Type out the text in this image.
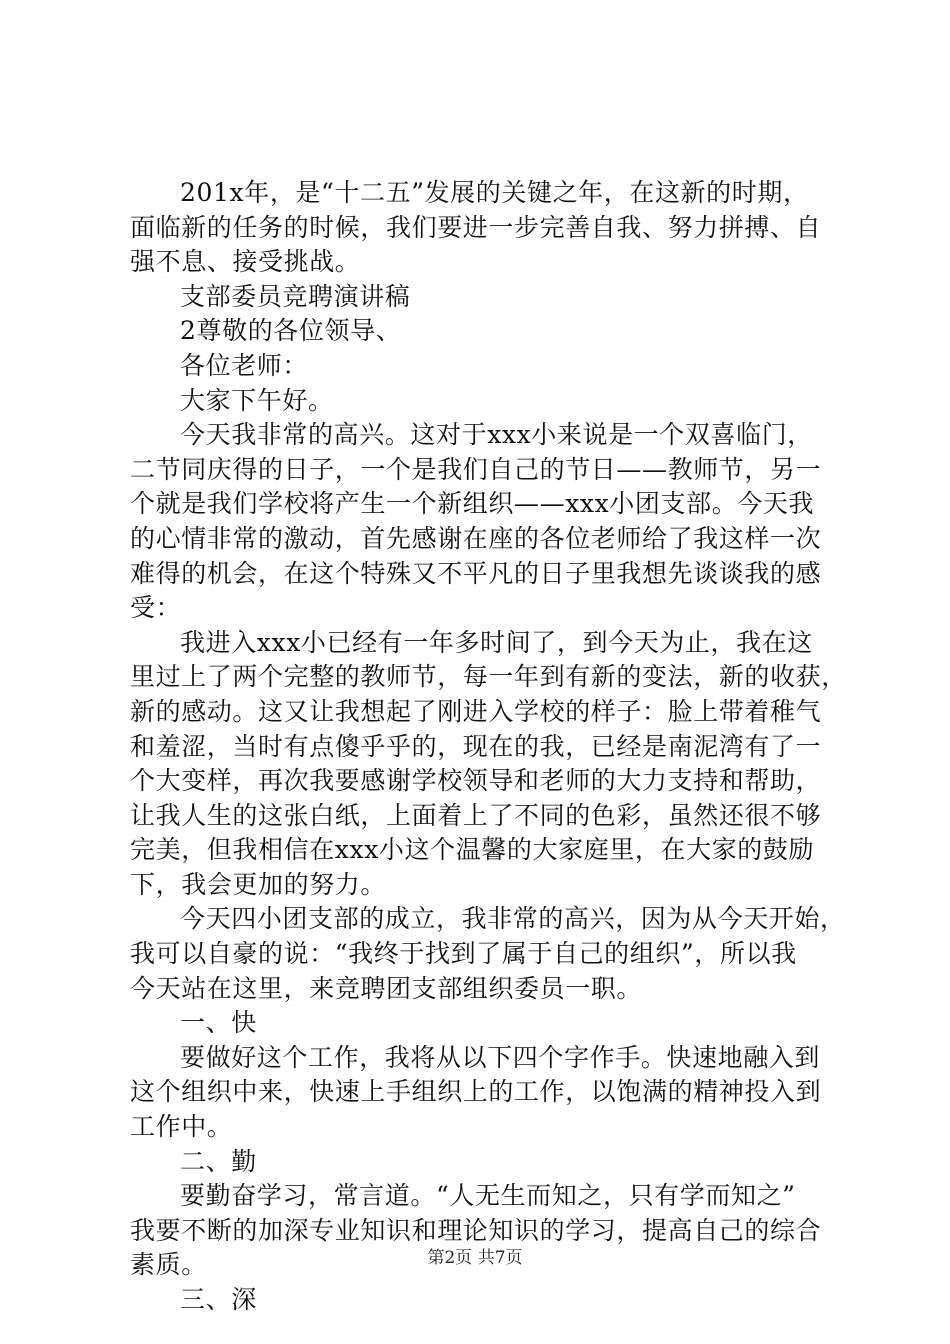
201x年，是“十二五”发展的关键之年，在这新的时期，
面临新的任务的时候，我们要进一步完善自我、努力拼搏、自
强不息、接受挑战。
支部委员竞聘演讲稿
2尊敬的各位领导、
各位老师：
大家下午好。
今天我非常的高兴。这对于xxx小来说是一个双喜临门，
二节同庆得的日子，一个是我们自己的节日——教师节，另一
个就是我们学校将产生一个新组织——xxx小团支部。今天我
的心情非常的激动，首先感谢在座的各位老师给了我这样一次
难得的机会，在这个特殊又不平凡的日子里我想先谈谈我的感
受：
我进入xxx小已经有一年多时间了，到今天为止，我在这
里过上了两个完整的教师节，每一年到有新的变法，新的收获，
新的感动。这又让我想起了刚进入学校的样子：脸上带着稚气
和羞涩，当时有点傻乎乎的，现在的我，已经是南泥湾有了一
个大变样，再次我要感谢学校领导和老师的大力支持和帮助，
让我人生的这张白纸，上面着上了不同的色彩，虽然还很不够
完美，但我相信在xxx小这个温馨的大家庭里，在大家的鼓励
下，我会更加的努力。
今天四小团支部的成立，我非常的高兴，因为从今天开始，
我可以自豪的说：“我终于找到了属于自己的组织”，所以我
今天站在这里，来竞聘团支部组织委员一职。
一、快
要做好这个工作，我将从以下四个字作手。快速地融入到
这个组织中来，快速上手组织上的工作，以饱满的精神投入到
工作中。
二、勤
要勤奋学习，常言道。“人无生而知之，只有学而知之”
我要不断的加深专业知识和理论知识的学习，提高自己的综合
素质。
三、深
第2页 共7页
